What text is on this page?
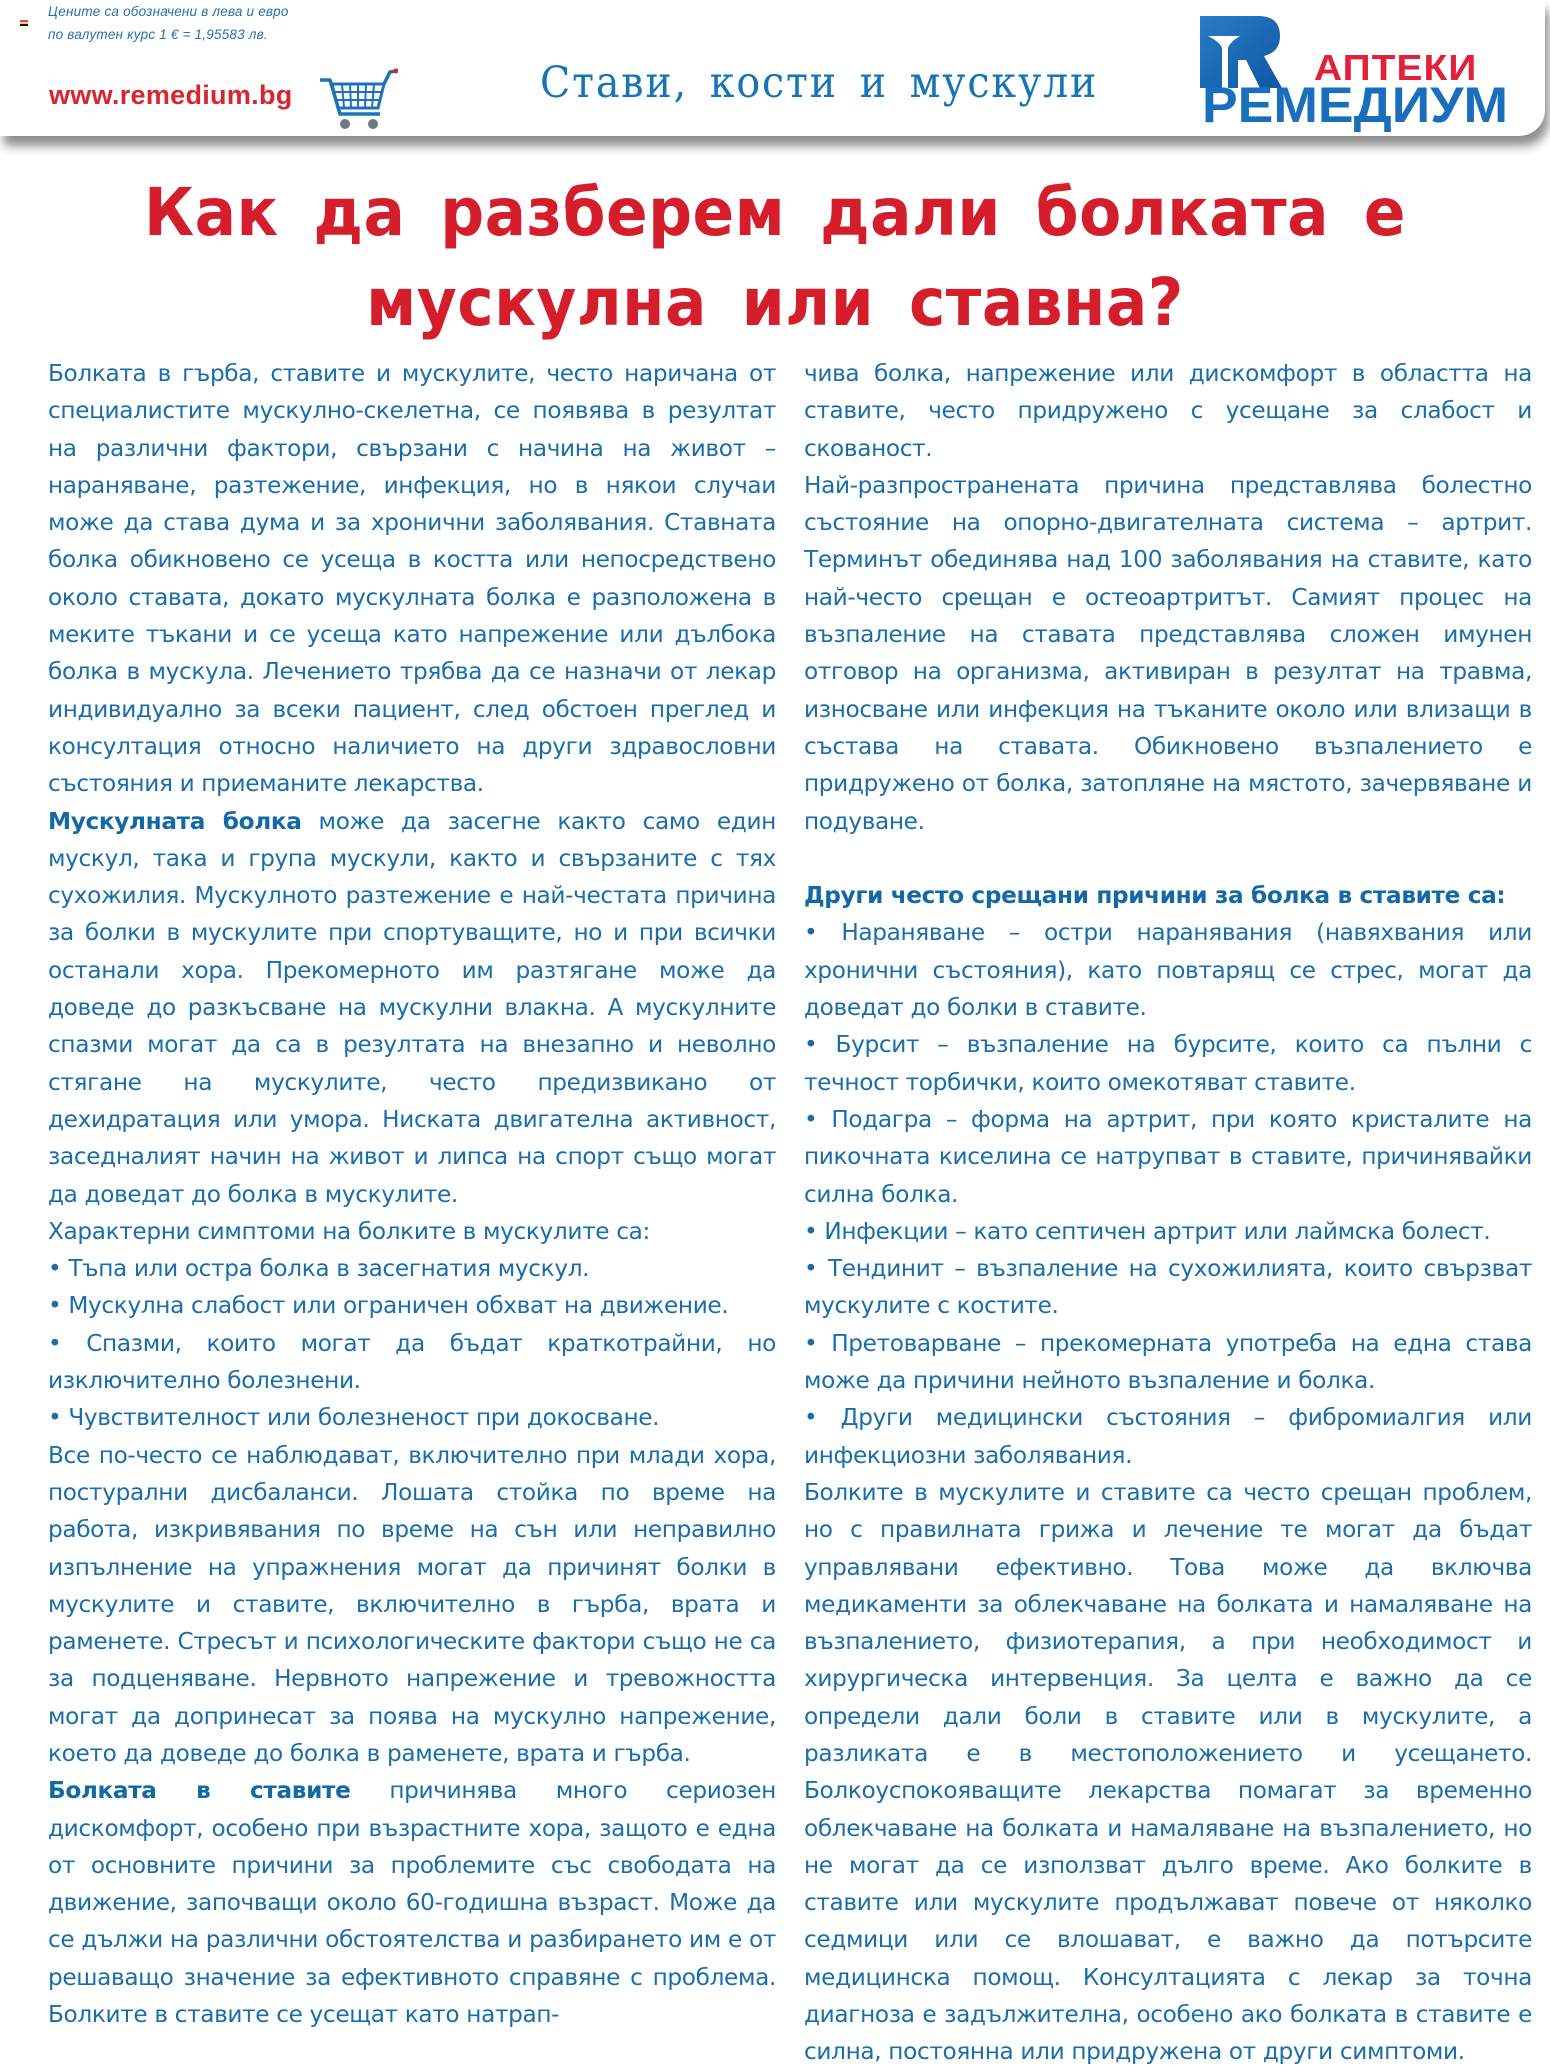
Цените са обозначени в лева и евро
по валутен курс 1 € = 1,95583 лв.
www.remedium.bg	Стави, кости и мускули	АПТЕКИ
РЕМЕДИУМ
Как да разберем дали болката е мускулна или ставна?

Болката в гърба, ставите и мускулите, често наричана от специалистите мускулно-скелетна, се появява в резултат на различни фактори, свързани с начина на живот – нараняване, разтежение, инфекция, но в някои случаи може да става дума и за хронични заболявания. Ставната болка обикновено се усеща в костта или непосредствено около ставата, докато мускулната болка е разположена в меките тъкани и се усеща като напрежение или дълбока болка в мускула. Лечението трябва да се назначи от лекар индивидуално за всеки пациент, след обстоен преглед и консултация относно наличието на други здравословни състояния и приеманите лекарства.

Мускулната болка може да засегне както само един мускул, така и група мускули, както и свързаните с тях сухожилия. Мускулното разтежение е най-честата причина за болки в мускулите при спортуващите, но и при всички останали хора. Прекомерното им разтягане може да доведе до разкъсване на мускулни влакна. А мускулните спазми могат да са в резултата на внезапно и неволно стягане на мускулите, често предизвикано от дехидратация или умора. Ниската двигателна активност, заседналият начин на живот и липса на спорт също могат да доведат до болка в мускулите.

Характерни симптоми на болките в мускулите са:

• Тъпа или остра болка в засегнатия мускул.

• Мускулна слабост или ограничен обхват на движение.

• Спазми, които могат да бъдат краткотрайни, но изключително болезнени.

• Чувствителност или болезненост при докосване.

Все по-често се наблюдават, включително при млади хора, постурални дисбаланси. Лошата стойка по време на работа, изкривявания по време на сън или неправилно изпълнение на упражнения могат да причинят болки в мускулите и ставите, включително в гърба, врата и раменете. Стресът и психологическите фактори също не са за подценяване. Нервното напрежение и тревожността могат да допринесат за поява на мускулно напрежение, което да доведе до болка в раменете, врата и гърба.

Болката в ставите причинява много сериозен дискомфорт, особено при възрастните хора, защото е една от основните причини за проблемите със свободата на движение, започващи около 60-годишна възраст. Може да се дължи на различни обстоятелства и разбирането им е от решаващо значение за ефективното справяне с проблема. Болките в ставите се усещат като натрап-

чива болка, напрежение или дискомфорт в областта на ставите, често придружено с усещане за слабост и скованост.

Най-разпространената причина представлява болестно състояние на опорно-двигателната система – артрит. Терминът обединява над 100 заболявания на ставите, като най-често срещан е остеоартритът. Самият процес на възпаление на ставата представлява сложен имунен отговор на организма, активиран в резултат на травма, износване или инфекция на тъканите около или влизащи в състава на ставата. Обикновено възпалението е придружено от болка, затопляне на мястото, зачервяване и подуване.

Други често срещани причини за болка в ставите са:

• Нараняване – остри наранявания (навяхвания или хронични състояния), като повтарящ се стрес, могат да доведат до болки в ставите.

• Бурсит – възпаление на бурсите, които са пълни с течност торбички, които омекотяват ставите.

• Подагра – форма на артрит, при която кристалите на пикочната киселина се натрупват в ставите, причинявайки силна болка.

• Инфекции – като септичен артрит или лаймска болест.

• Тендинит – възпаление на сухожилията, които свързват мускулите с костите.

• Претоварване – прекомерната употреба на една става може да причини нейното възпаление и болка.

• Други медицински състояния – фибромиалгия или инфекциозни заболявания.

Болките в мускулите и ставите са често срещан проблем, но с правилната грижа и лечение те могат да бъдат управлявани ефективно. Това може да включва медикаменти за облекчаване на болката и намаляване на възпалението, физиотерапия, а при необходимост и хирургическа интервенция. За целта е важно да се определи дали боли в ставите или в мускулите, а разликата е в местоположението и усещането. Болкоуспокояващите лекарства помагат за временно облекчаване на болката и намаляване на възпалението, но не могат да се използват дълго време. Ако болките в ставите или мускулите продължават повече от няколко седмици или се влошават, е важно да потърсите медицинска помощ. Консултацията с лекар за точна диагноза е задължителна, особено ако болката в ставите е силна, постоянна или придружена от други симптоми.
